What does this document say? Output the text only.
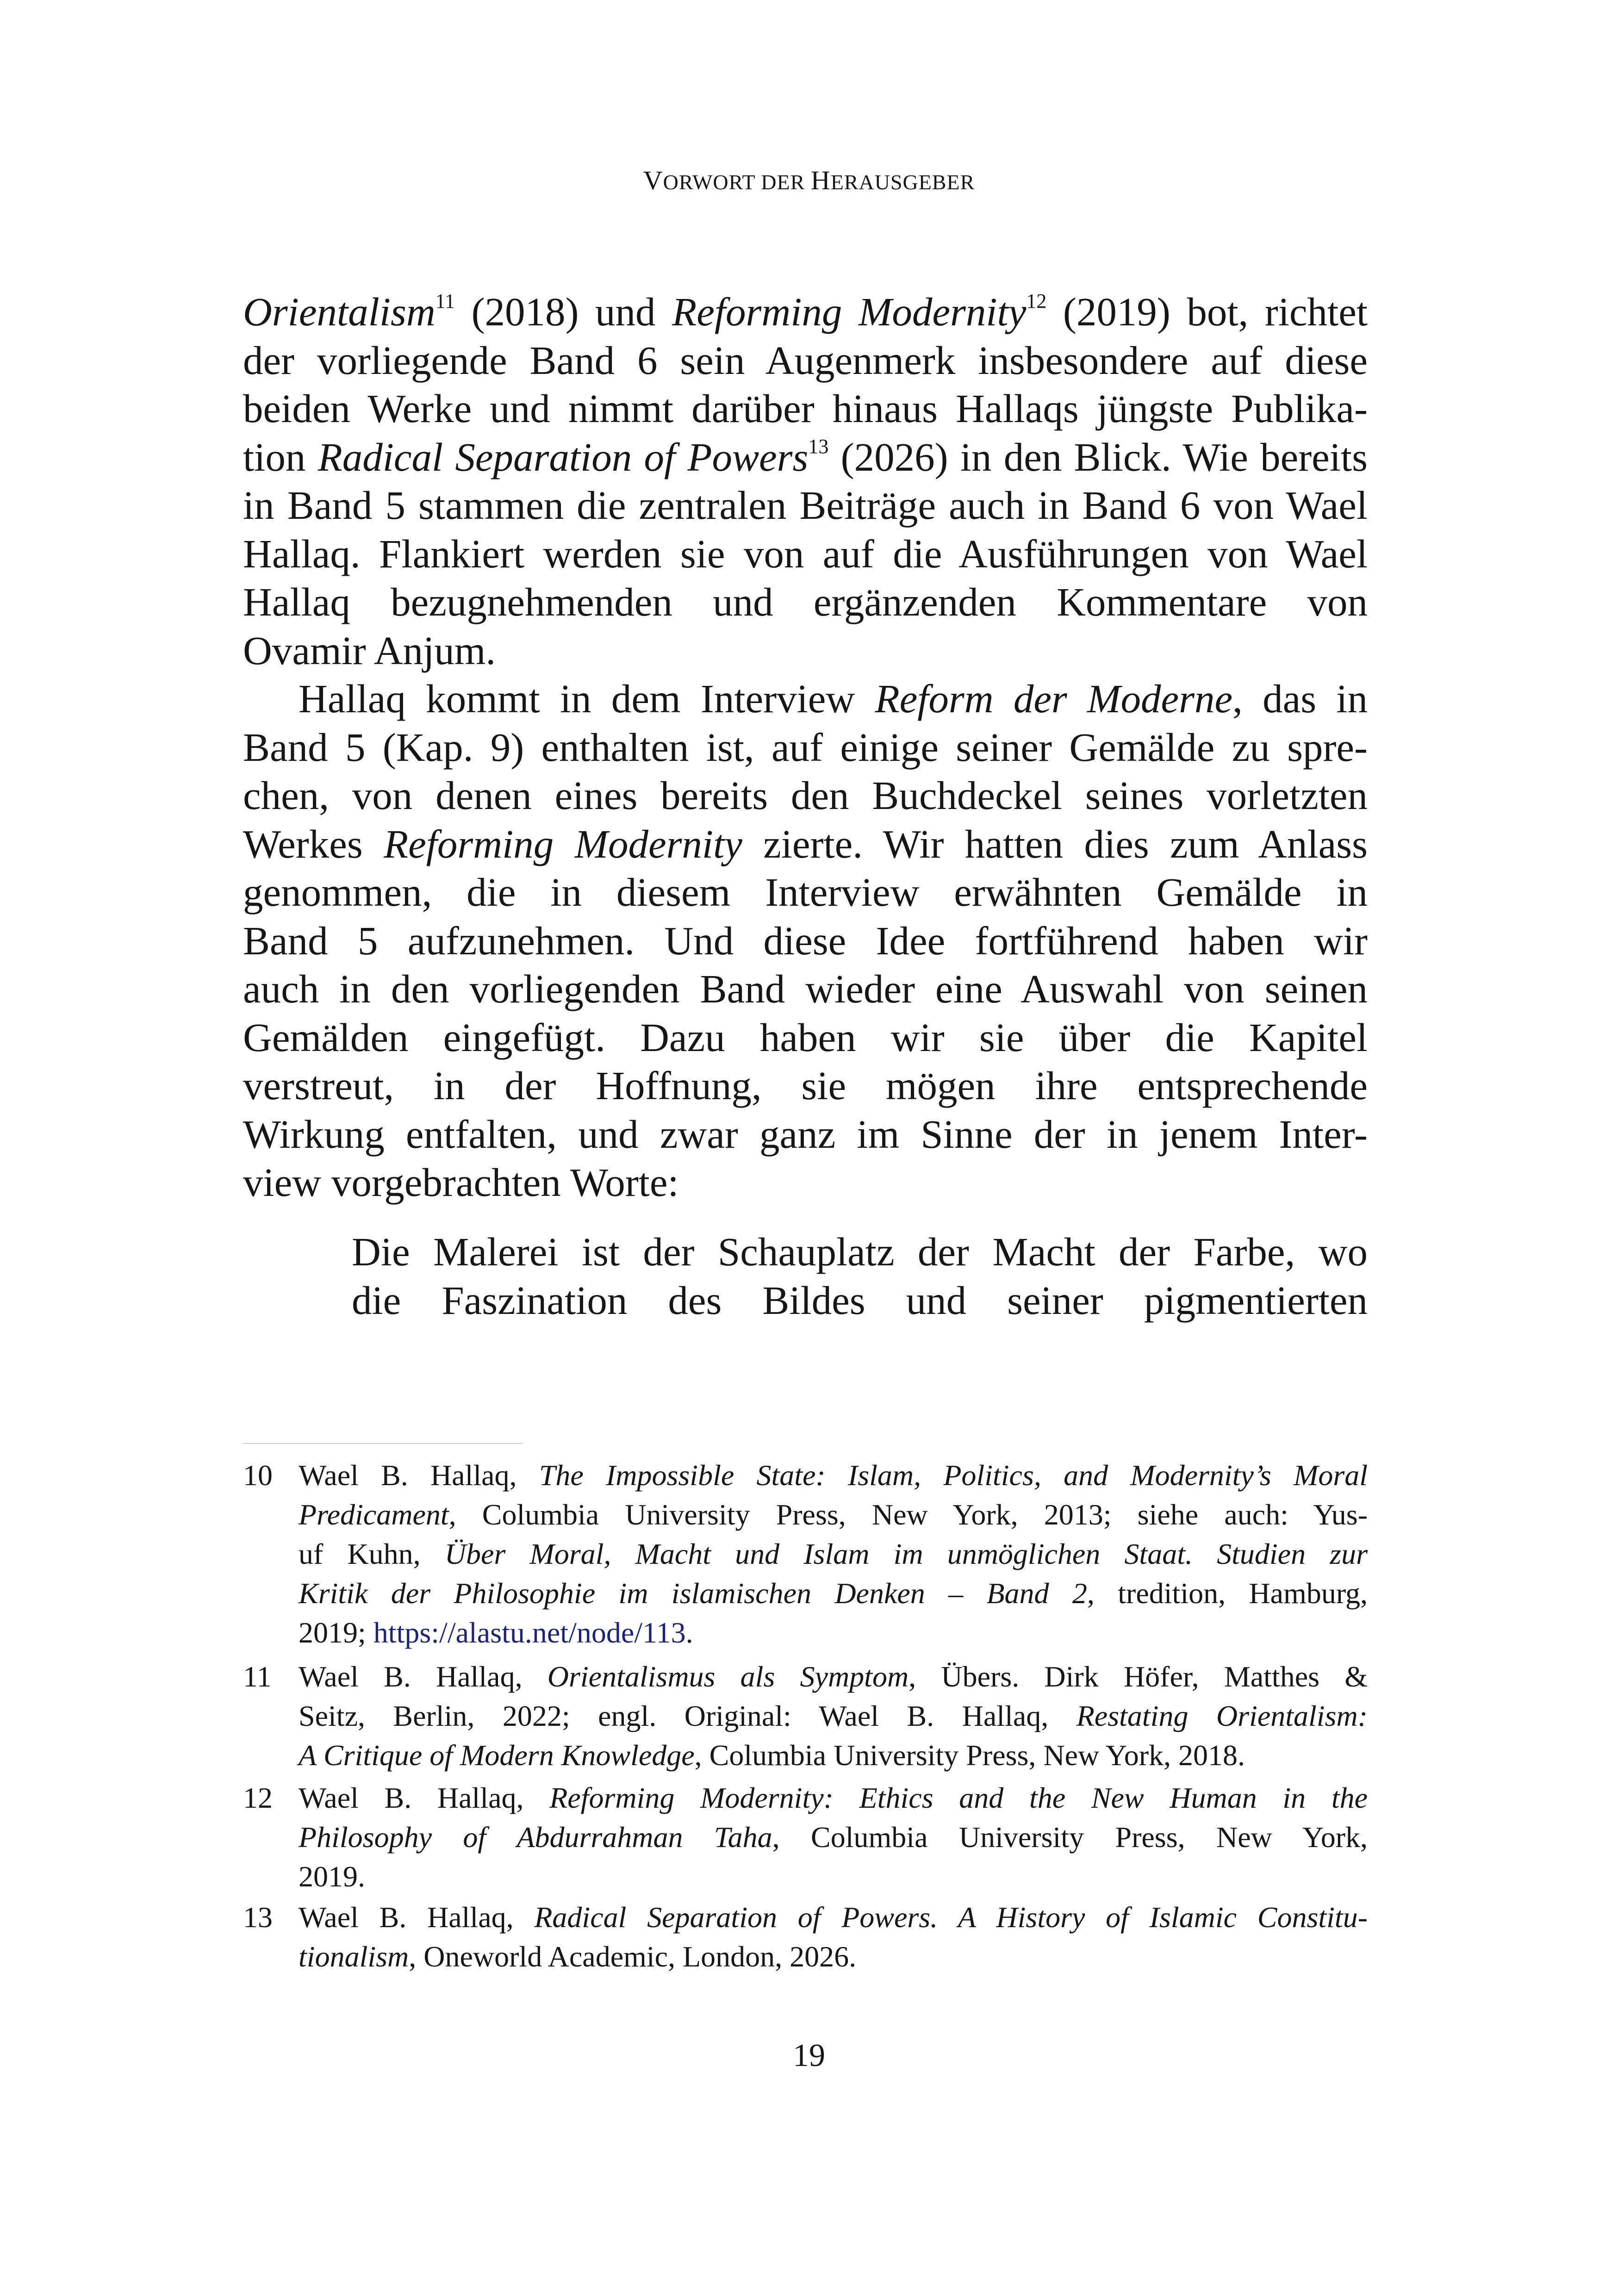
VORWORT DER HERAUSGEBER
Orientalism$^{11}$ (2018) und Reforming Modernity$^{12}$ (2019) bot, richtet
der vorliegende Band 6 sein Augenmerk insbesondere auf diese
beiden Werke und nimmt darüber hinaus Hallaqs jüngste Publika-
tion Radical Separation of Powers$^{13}$ (2026) in den Blick. Wie bereits
in Band 5 stammen die zentralen Beiträge auch in Band 6 von Wael
Hallaq. Flankiert werden sie von auf die Ausführungen von Wael
Hallaq bezugnehmenden und ergänzenden Kommentare von
Ovamir Anjum.
Hallaq kommt in dem Interview Reform der Moderne, das in
Band 5 (Kap. 9) enthalten ist, auf einige seiner Gemälde zu spre-
chen, von denen eines bereits den Buchdeckel seines vorletzten
Werkes Reforming Modernity zierte. Wir hatten dies zum Anlass
genommen, die in diesem Interview erwähnten Gemälde in
Band 5 aufzunehmen. Und diese Idee fortführend haben wir
auch in den vorliegenden Band wieder eine Auswahl von seinen
Gemälden eingefügt. Dazu haben wir sie über die Kapitel
verstreut, in der Hoffnung, sie mögen ihre entsprechende
Wirkung entfalten, und zwar ganz im Sinne der in jenem Inter-
view vorgebrachten Worte:
Die Malerei ist der Schauplatz der Macht der Farbe, wo
die Faszination des Bildes und seiner pigmentierten
10 Wael B. Hallaq, The Impossible State: Islam, Politics, and Modernity’s Moral
Predicament, Columbia University Press, New York, 2013; siehe auch: Yus-
uf Kuhn, Über Moral, Macht und Islam im unmöglichen Staat. Studien zur
Kritik der Philosophie im islamischen Denken – Band 2, tredition, Hamburg,
2019; https://alastu.net/node/113.
11 Wael B. Hallaq, Orientalismus als Symptom, Übers. Dirk Höfer, Matthes &
Seitz, Berlin, 2022; engl. Original: Wael B. Hallaq, Restating Orientalism:
A Critique of Modern Knowledge, Columbia University Press, New York, 2018.
12 Wael B. Hallaq, Reforming Modernity: Ethics and the New Human in the
Philosophy of Abdurrahman Taha, Columbia University Press, New York,
2019.
13 Wael B. Hallaq, Radical Separation of Powers. A History of Islamic Constitu-
tionalism, Oneworld Academic, London, 2026.
19
